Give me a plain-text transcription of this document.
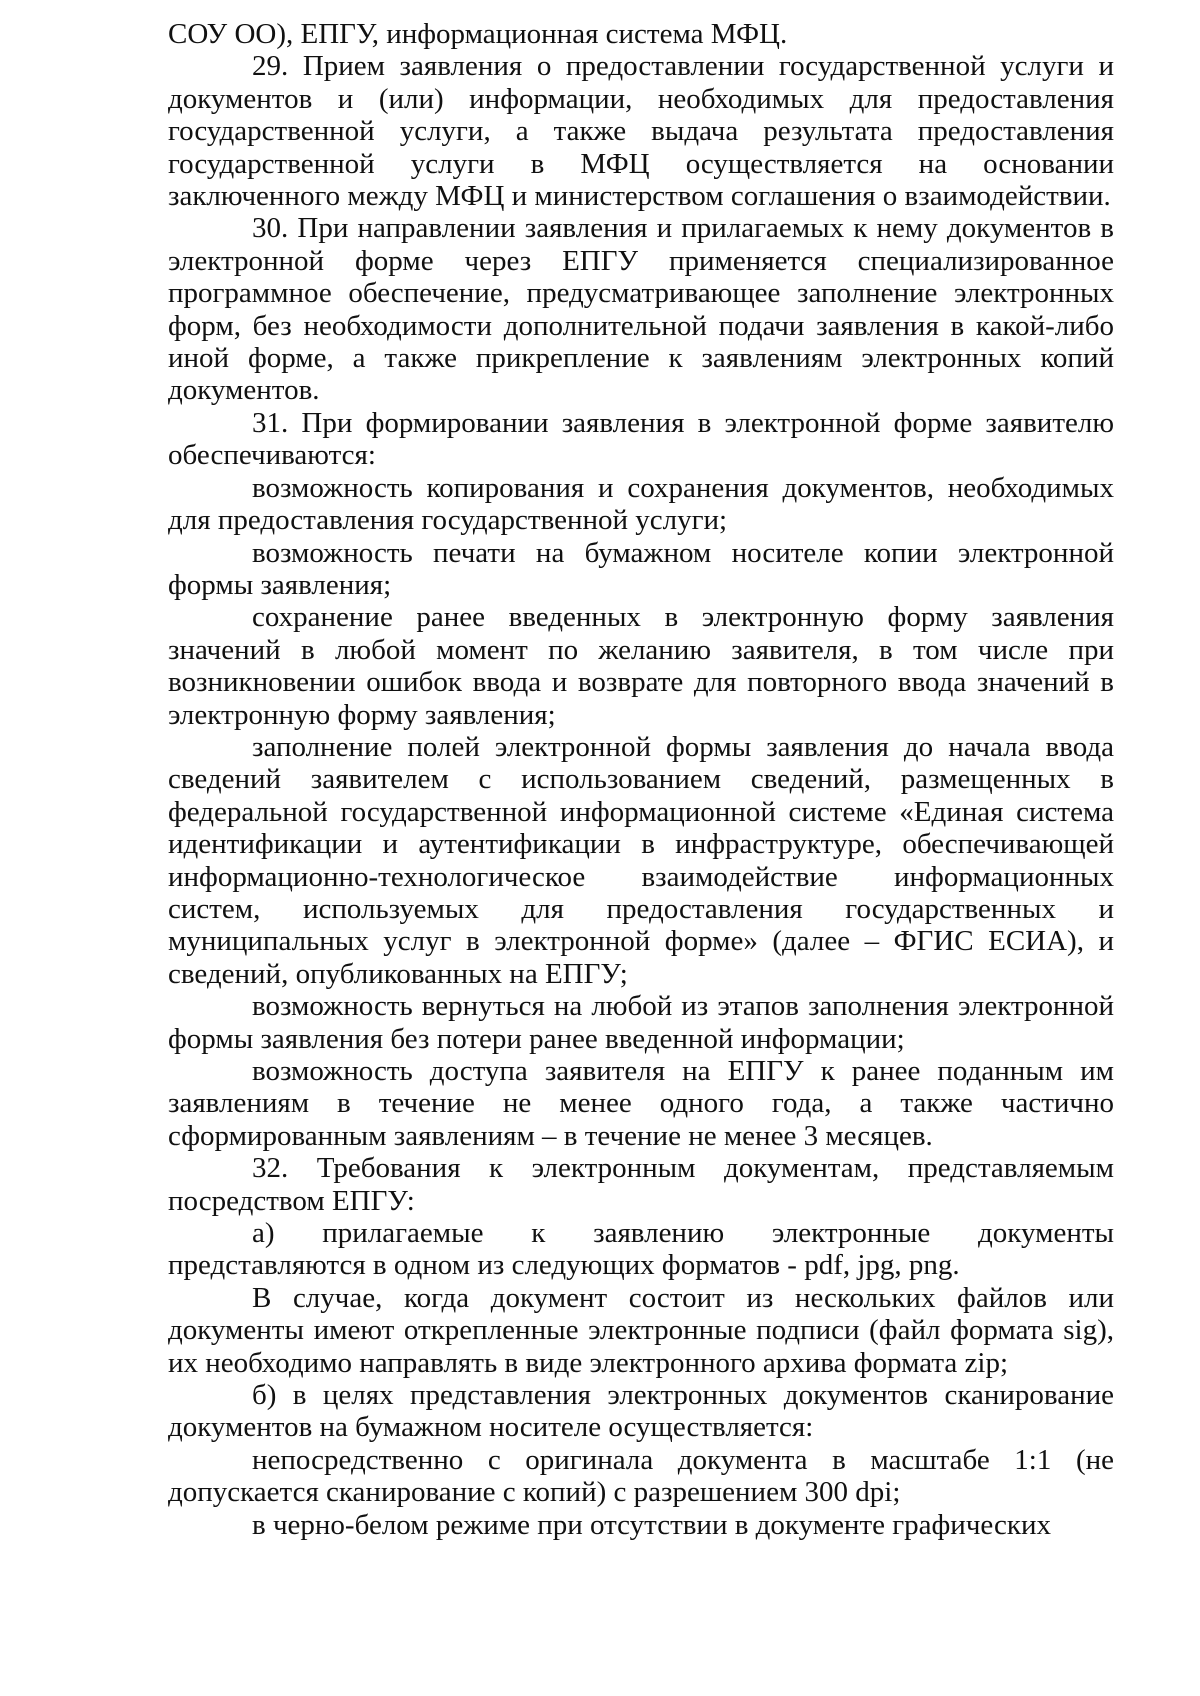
СОУ ОО), ЕПГУ, информационная система МФЦ.

29. Прием заявления о предоставлении государственной услуги и документов и (или) информации, необходимых для предоставления государственной услуги, а также выдача результата предоставления государственной услуги в МФЦ осуществляется на основании заключенного между МФЦ и министерством соглашения о взаимодействии.

30. При направлении заявления и прилагаемых к нему документов в электронной форме через ЕПГУ применяется специализированное программное обеспечение, предусматривающее заполнение электронных форм, без необходимости дополнительной подачи заявления в какой-либо иной форме, а также прикрепление к заявлениям электронных копий документов.

31. При формировании заявления в электронной форме заявителю обеспечиваются:

возможность копирования и сохранения документов, необходимых для предоставления государственной услуги;

возможность печати на бумажном носителе копии электронной формы заявления;

сохранение ранее введенных в электронную форму заявления значений в любой момент по желанию заявителя, в том числе при возникновении ошибок ввода и возврате для повторного ввода значений в электронную форму заявления;

заполнение полей электронной формы заявления до начала ввода сведений заявителем с использованием сведений, размещенных в федеральной государственной информационной системе «Единая система идентификации и аутентификации в инфраструктуре, обеспечивающей информационно-технологическое взаимодействие информационных систем, используемых для предоставления государственных и муниципальных услуг в электронной форме» (далее – ФГИС ЕСИА), и сведений, опубликованных на ЕПГУ;

возможность вернуться на любой из этапов заполнения электронной формы заявления без потери ранее введенной информации;

возможность доступа заявителя на ЕПГУ к ранее поданным им заявлениям в течение не менее одного года, а также частично сформированным заявлениям – в течение не менее 3 месяцев.

32. Требования к электронным документам, представляемым посредством ЕПГУ:

а) прилагаемые к заявлению электронные документы представляются в одном из следующих форматов - pdf, jpg, png.

В случае, когда документ состоит из нескольких файлов или документы имеют открепленные электронные подписи (файл формата sig), их необходимо направлять в виде электронного архива формата zip;

б) в целях представления электронных документов сканирование документов на бумажном носителе осуществляется:

непосредственно с оригинала документа в масштабе 1:1 (не допускается сканирование с копий) с разрешением 300 dpi;

в черно-белом режиме при отсутствии в документе графических
